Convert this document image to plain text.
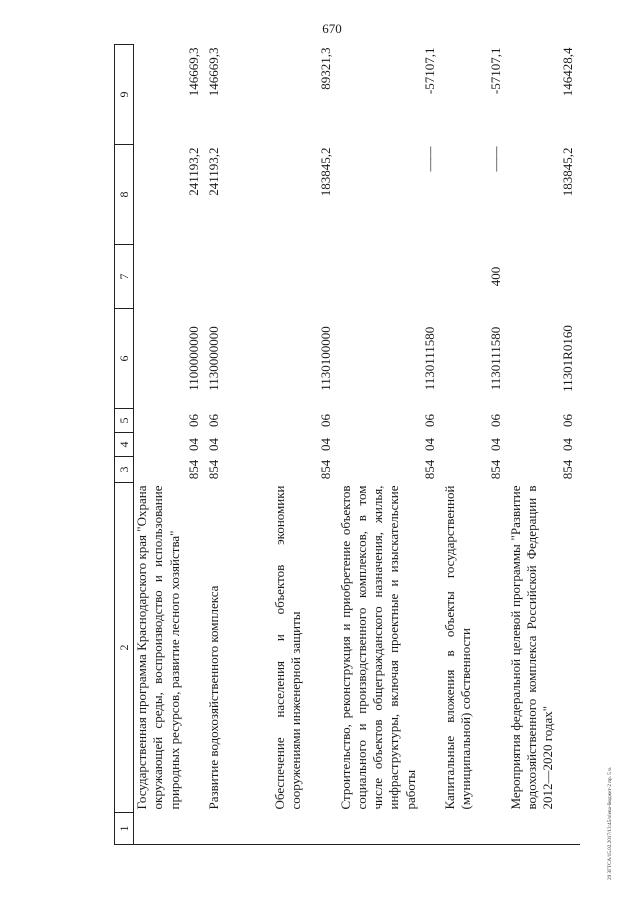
670
29 ЗГТСА/15.02.2017/13:45/olena-бюджет-2 пр. 5 ч.
1	2	3	4	5	6	7	8	9
	Государственная программа Краснодарского края "Охрана окружающей среды, воспроизводство и использование природных ресурсов, развитие лесного хозяйства"	854	04	06	1100000000		241193,2	146669,3
	Развитие водохозяйственного комплекса	854	04	06	1130000000		241193,2	146669,3
	Обеспечение населения и объектов экономики сооружениями инженерной защиты	854	04	06	1130100000		183845,2	89321,3
	Строительство, реконструкция и приобретение объектов социального и производственного комплексов, в том числе объектов общегражданского назначения, жилья, инфраструктуры, включая проектные и изыскательские работы	854	04	06	1130111580		——	-57107,1
	Капитальные вложения в объекты государственной (муниципальной) собственности	854	04	06	1130111580	400	——	-57107,1
	Мероприятия федеральной целевой программы "Развитие водохозяйственного комплекса Российской Федерации в 2012—2020 годах"	854	04	06	11301R0160		183845,2	146428,4
